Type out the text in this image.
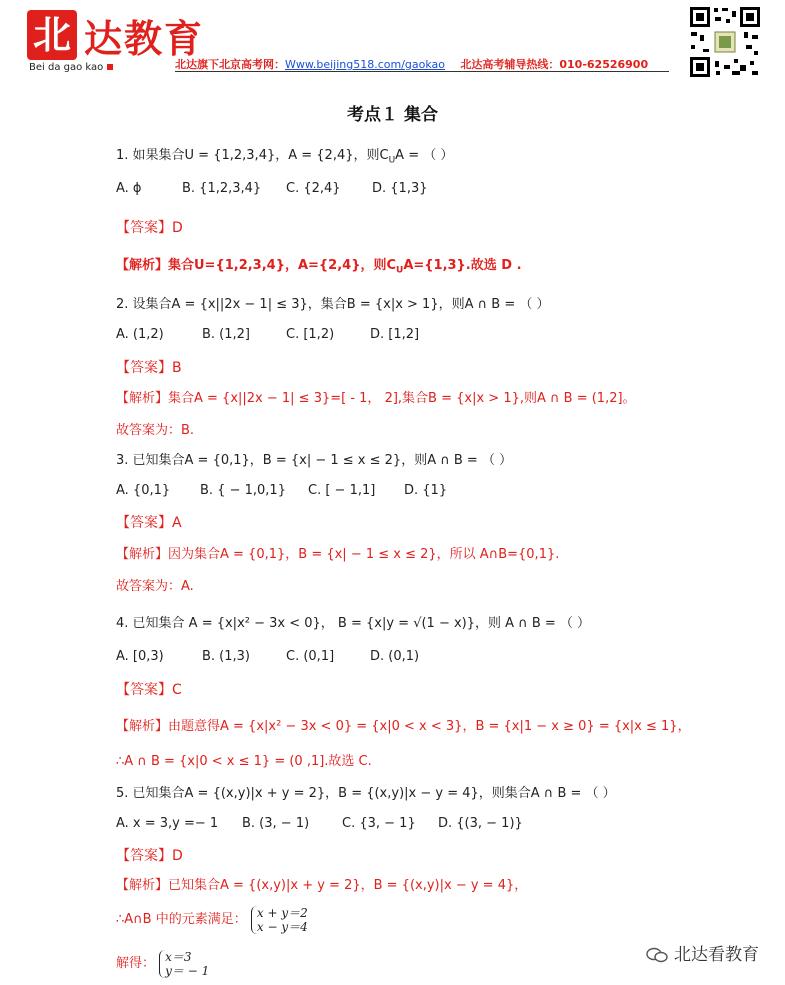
北 达教育
Bei da gao kao	北达旗下北京高考网：Www.beijing518.com/gaokao 北达高考辅导热线：010-62526900
考点１ 集合
1. 如果集合U = {1,2,3,4}，A = {2,4}，则$C_UA$ = （ ）
A. ϕ	B. {1,2,3,4} C. {2,4} D. {1,3}
【答案】D
【解析】集合U={1,2,3,4}，A={2,4}，则$C_UA=\{1,3\}$.故选 D .
2. 设集合A = {x||2x − 1| ≤ 3}，集合B = {x|x > 1}，则A ∩ B = （ ）
A. (1,2)	B. (1,2]	C. [1,2)	D. [1,2]
【答案】B
【解析】集合A = {x||2x − 1| ≤ 3}=[ - 1， 2],集合B = {x|x > 1},则A ∩ B = (1,2]。
故答案为：B.
3. 已知集合A = {0,1}，B = {x| − 1 ≤ x ≤ 2}，则A ∩ B = （ ）
A. {0,1} B. { − 1,0,1} C. [ − 1,1] D. {1}
【答案】A
【解析】因为集合A = {0,1}，B = {x| − 1 ≤ x ≤ 2}，所以 A∩B={0,1}.
故答案为：A.
4. 已知集合 A = {x|x² − 3x < 0}， B = {x|y = √(1 − x)}，则 A ∩ B = （ ）
A. [0,3)	B. (1,3)	C. (0,1]	D. (0,1)
【答案】C
【解析】由题意得A = {x|x² − 3x < 0} = {x|0 < x < 3}，B = {x|1 − x ≥ 0} = {x|x ≤ 1}，
∴A ∩ B = {x|0 < x ≤ 1} = (0 ,1].故选 C.
5. 已知集合A = {(x,y)|x + y = 2}，B = {(x,y)|x − y = 4}，则集合A ∩ B = （ ）
A. x = 3,y =− 1 B. (3, − 1)	C. {3, − 1} D. {(3, − 1)}
【答案】D
【解析】已知集合A = {(x,y)|x + y = 2}，B = {(x,y)|x − y = 4}，
∴A∩B 中的元素满足： x + y＝2
x − y＝4
解得： x＝3
y＝ − 1
北达看教育
